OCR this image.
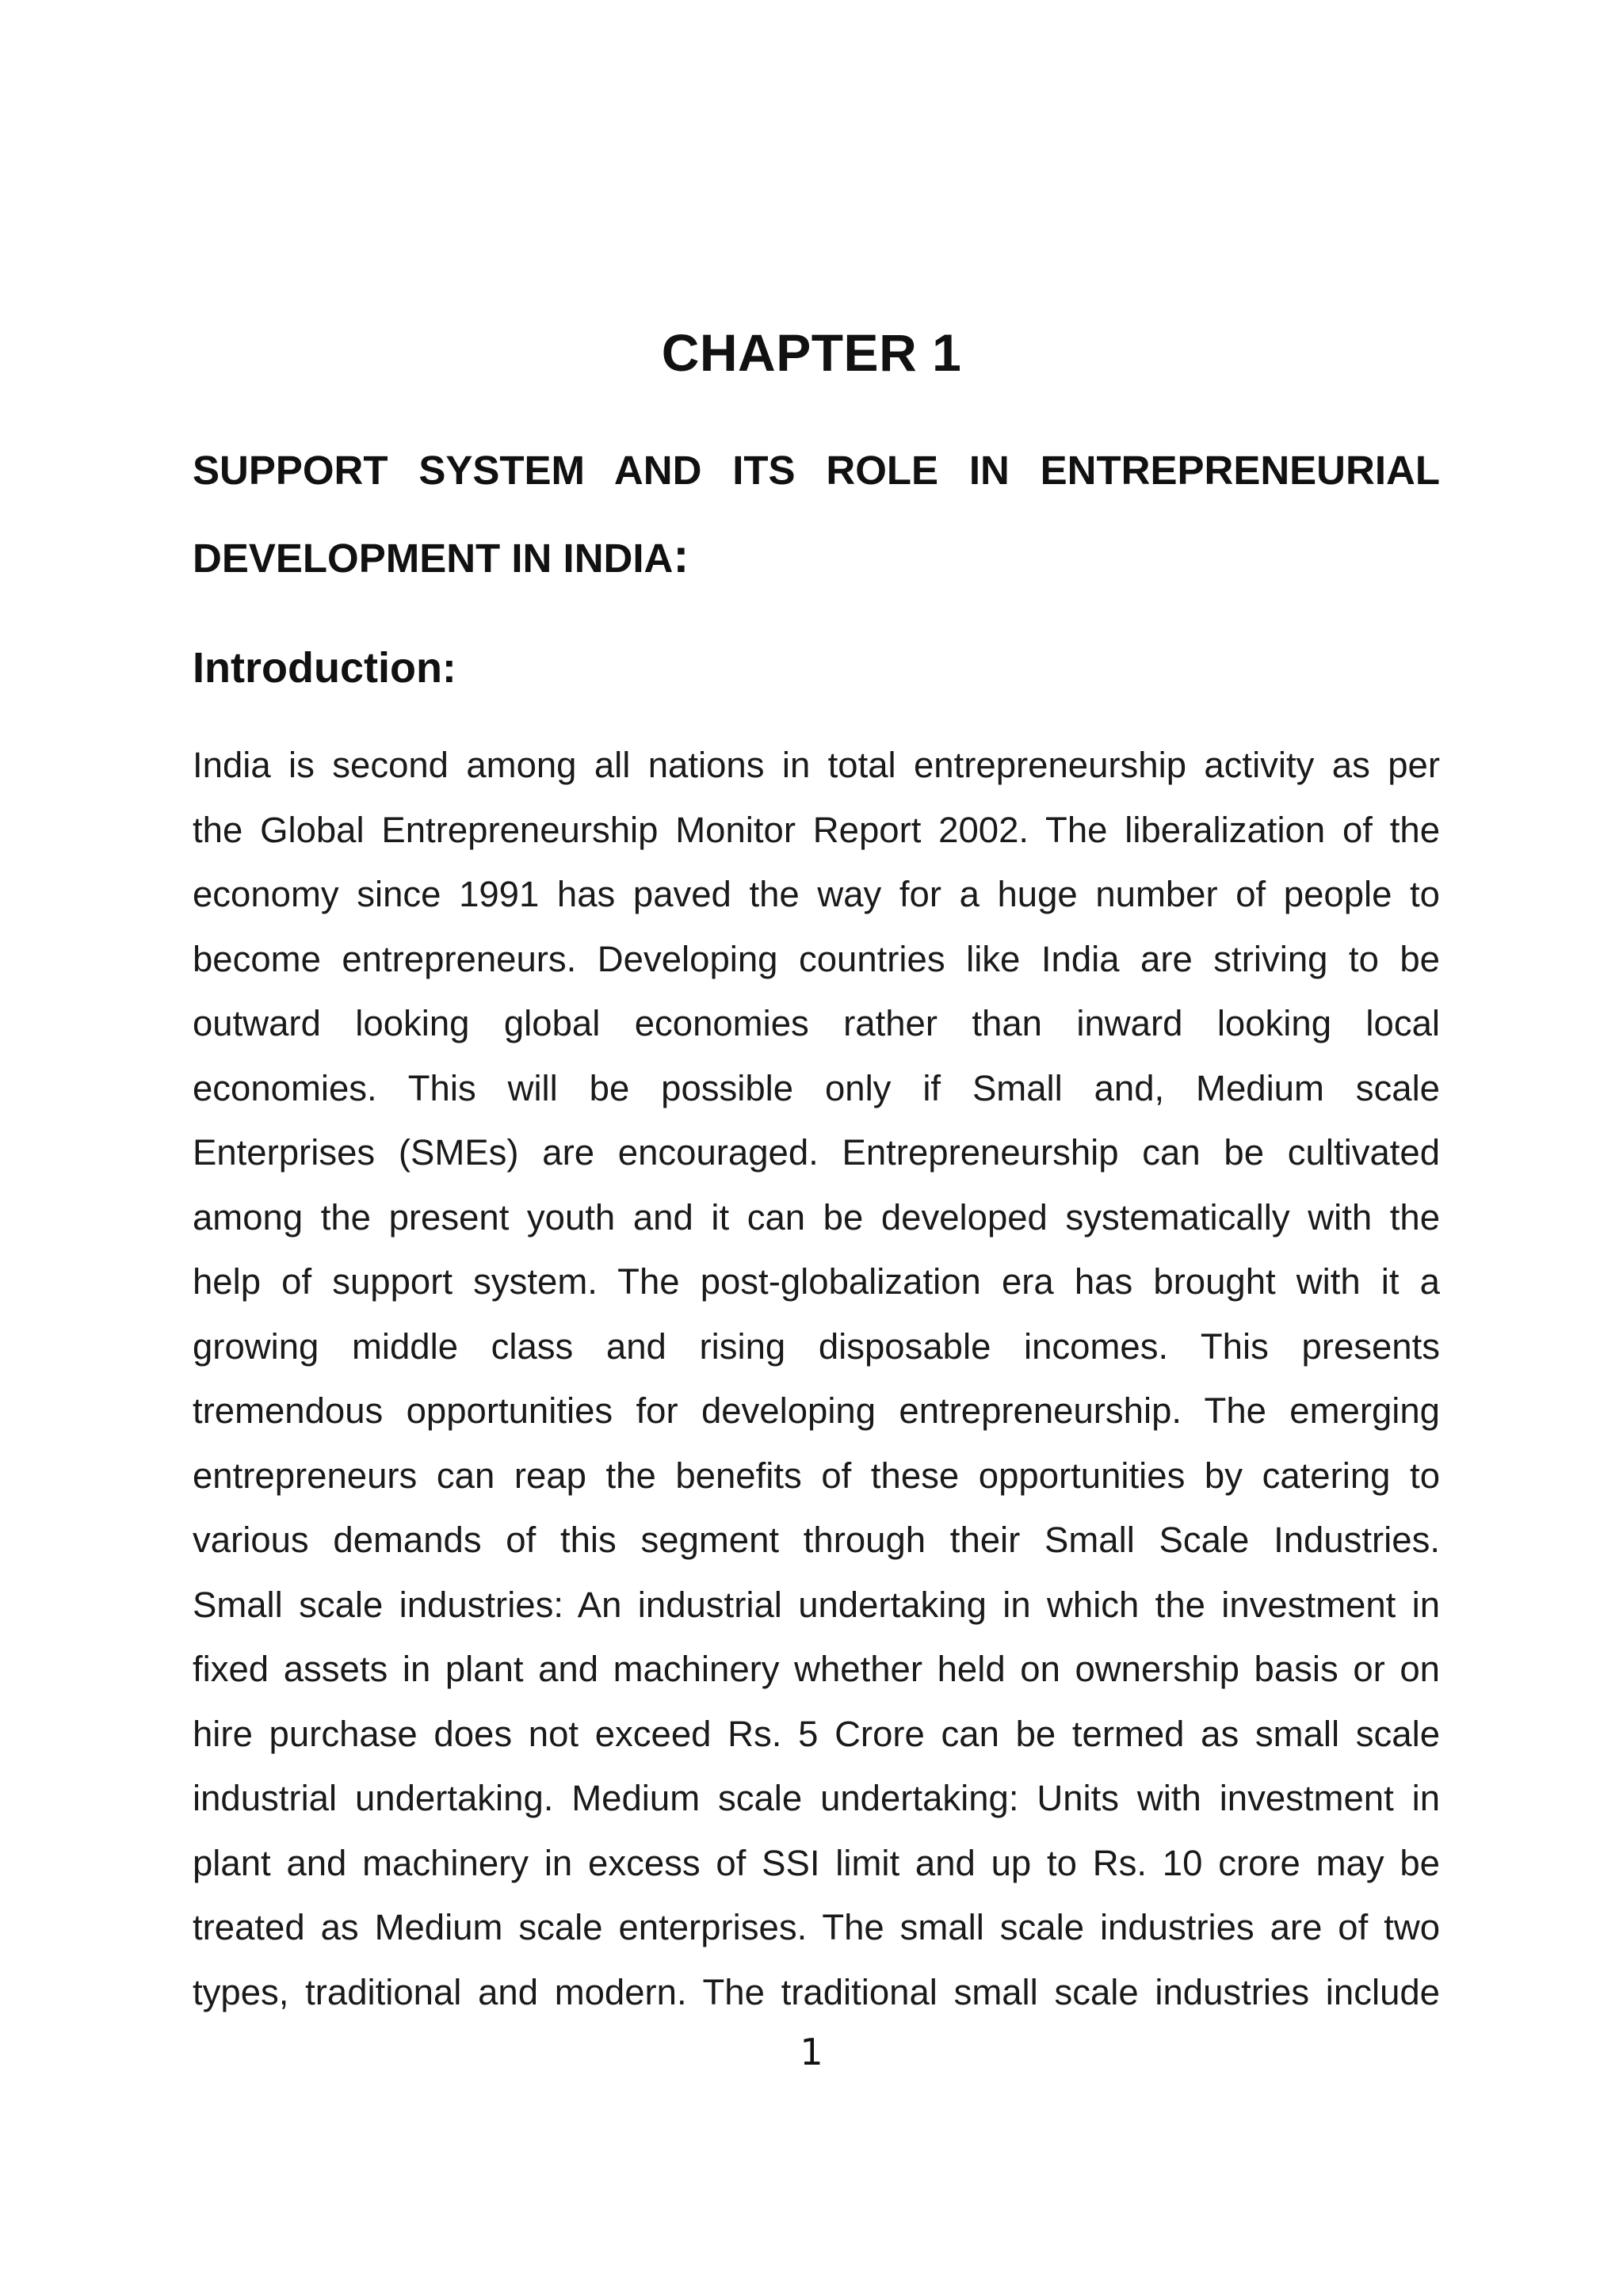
CHAPTER 1
SUPPORT SYSTEM AND ITS ROLE IN ENTREPRENEURIAL
DEVELOPMENT IN INDIA:
Introduction:

India is second among all nations in total entrepreneurship activity as per
the Global Entrepreneurship Monitor Report 2002. The liberalization of the
economy since 1991 has paved the way for a huge number of people to
become entrepreneurs. Developing countries like India are striving to be
outward looking global economies rather than inward looking local
economies. This will be possible only if Small and, Medium scale
Enterprises (SMEs) are encouraged. Entrepreneurship can be cultivated
among the present youth and it can be developed systematically with the
help of support system. The post-globalization era has brought with it a
growing middle class and rising disposable incomes. This presents
tremendous opportunities for developing entrepreneurship. The emerging
entrepreneurs can reap the benefits of these opportunities by catering to
various demands of this segment through their Small Scale Industries.
Small scale industries: An industrial undertaking in which the investment in
fixed assets in plant and machinery whether held on ownership basis or on
hire purchase does not exceed Rs. 5 Crore can be termed as small scale
industrial undertaking. Medium scale undertaking: Units with investment in
plant and machinery in excess of SSI limit and up to Rs. 10 crore may be
treated as Medium scale enterprises. The small scale industries are of two
types, traditional and modern. The traditional small scale industries include

1
